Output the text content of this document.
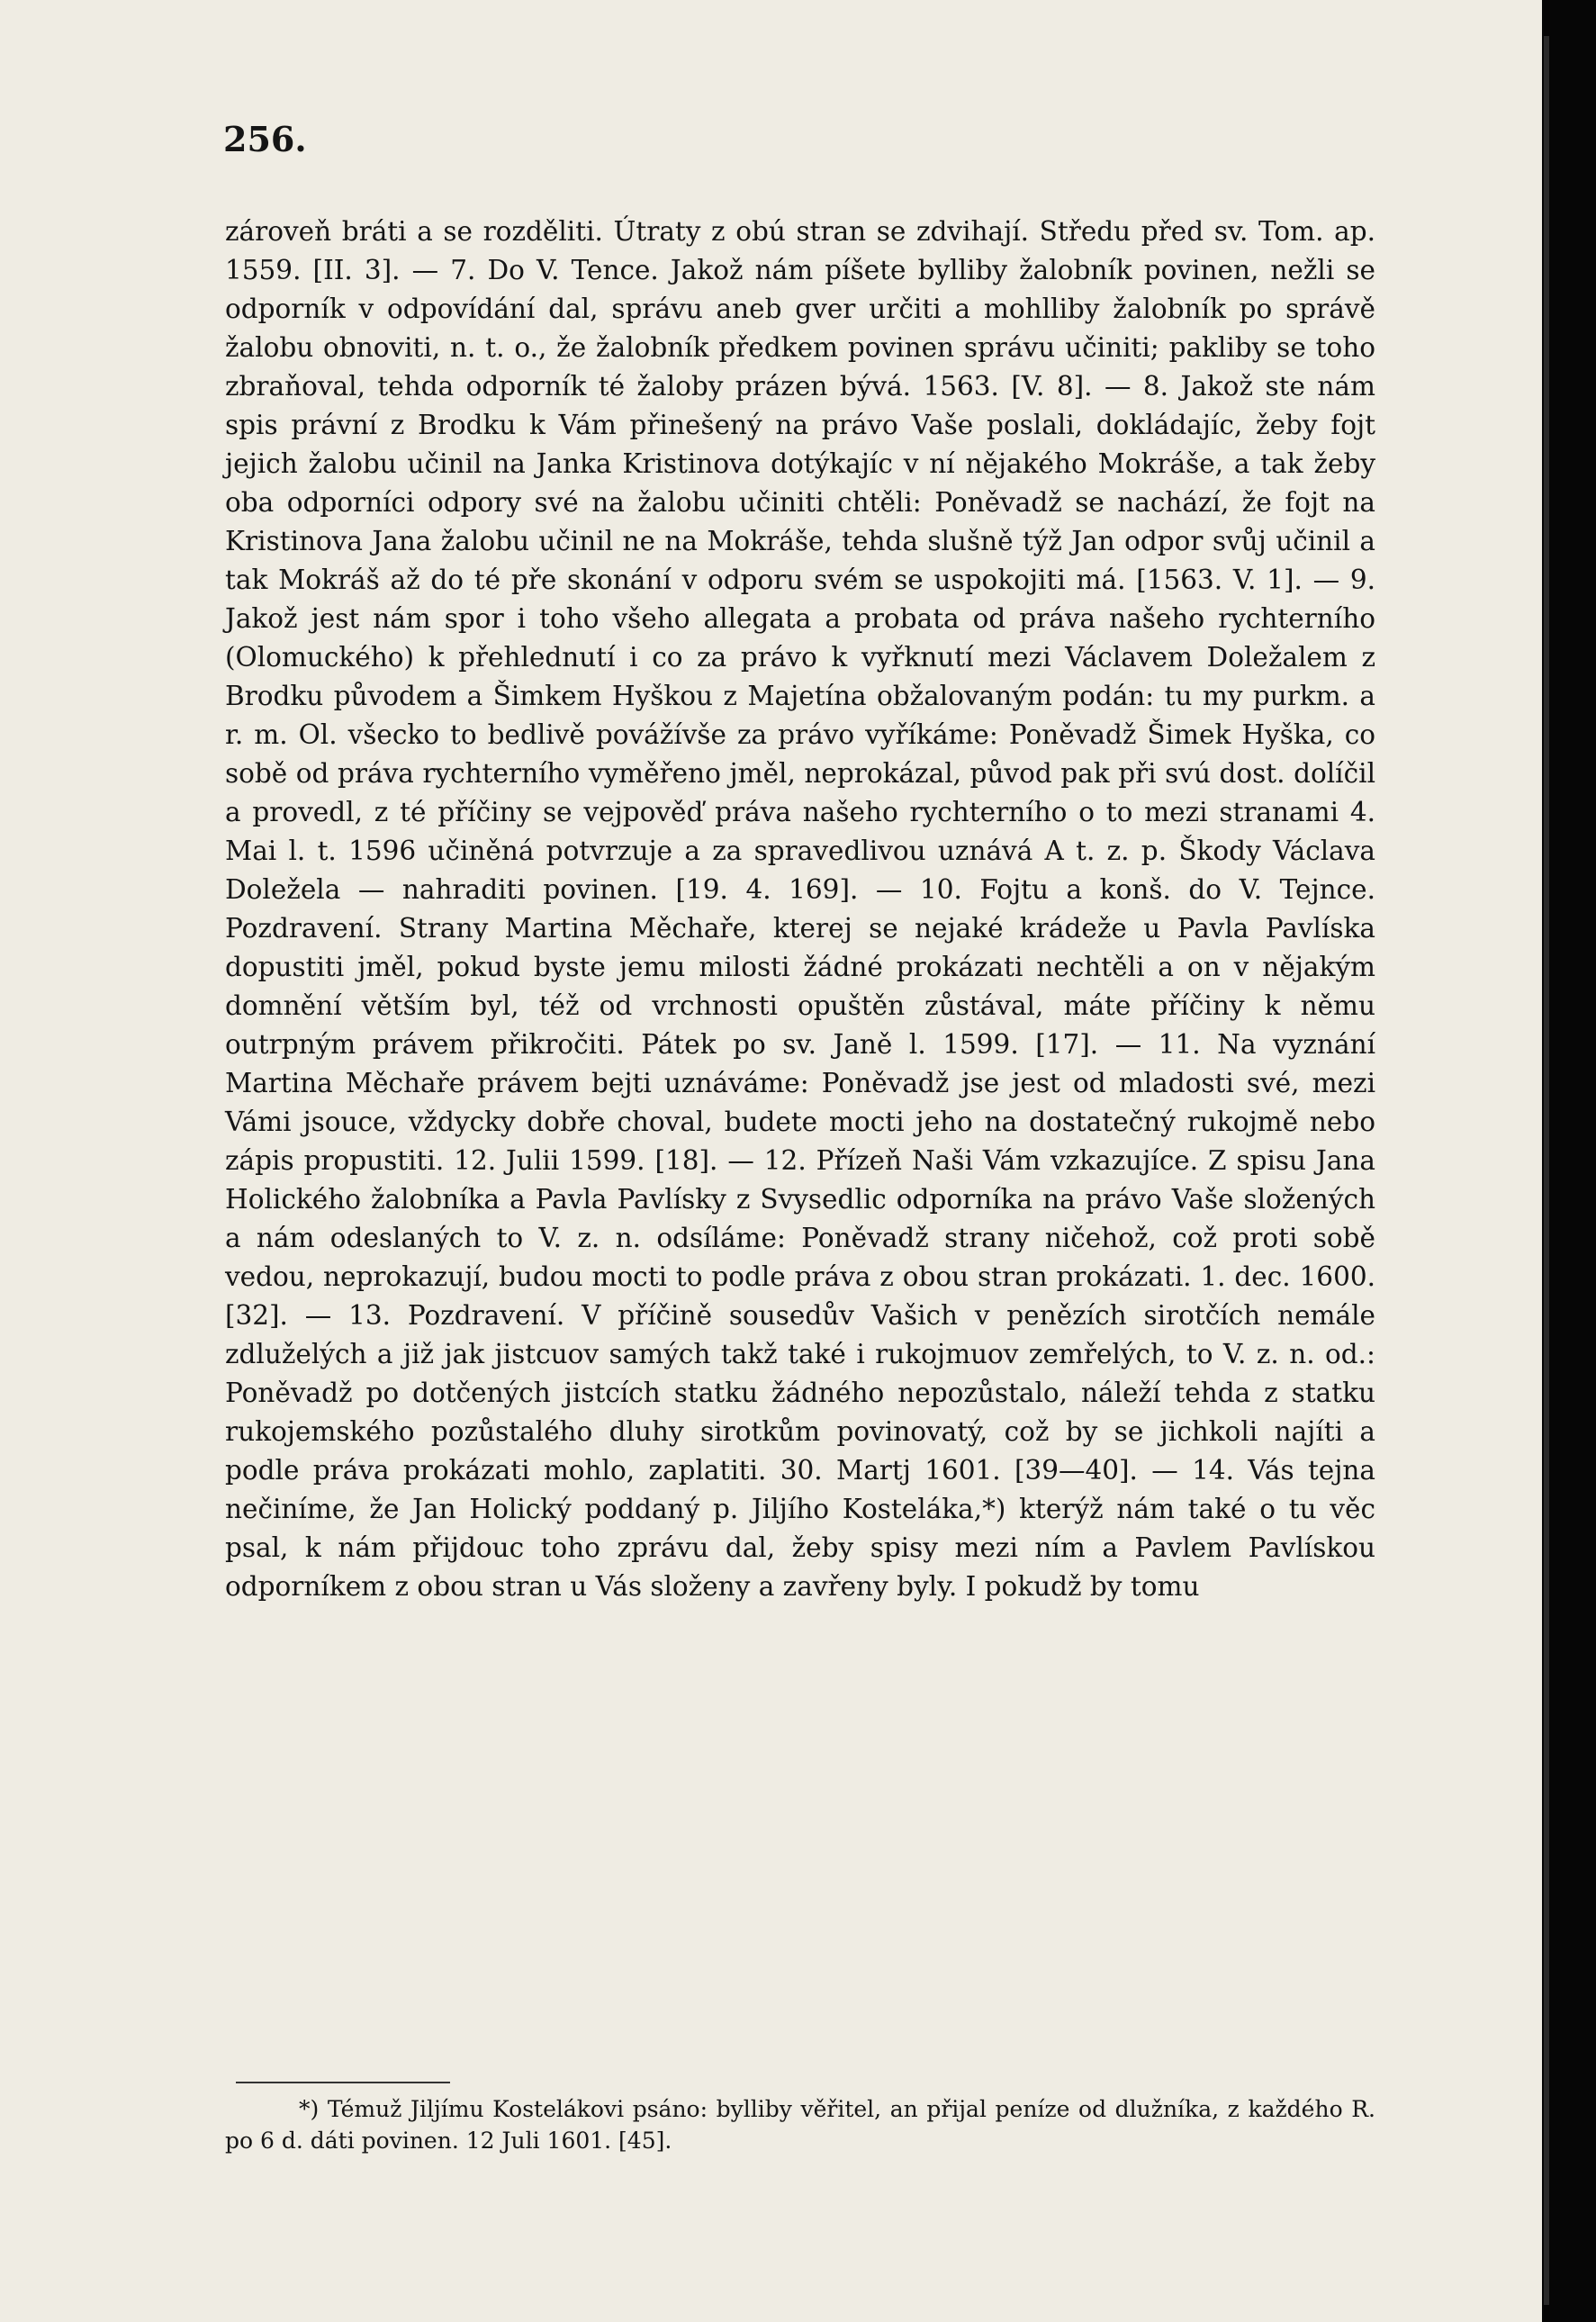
256.
zároveň bráti a se rozděliti. Útraty z obú stran se zdvihají. Středu před sv. Tom. ap. 1559. [II. 3]. — 7. Do V. Tence. Jakož nám píšete bylliby žalobník povinen, nežli se odporník v odpovídání dal, správu aneb gver určiti a mohlliby žalobník po správě žalobu obnoviti, n. t. o., že žalobník předkem povinen správu učiniti; pakliby se toho zbraňoval, tehda odporník té žaloby prázen bývá. 1563. [V. 8]. — 8. Jakož ste nám spis právní z Brodku k Vám přinešený na právo Vaše poslali, dokládajíc, žeby fojt jejich žalobu učinil na Janka Kristinova dotýkajíc v ní nějakého Mokráše, a tak žeby oba odporníci odpory své na žalobu učiniti chtěli: Poněvadž se nachází, že fojt na Kristinova Jana žalobu učinil ne na Mokráše, tehda slušně týž Jan odpor svůj učinil a tak Mokráš až do té pře skonání v odporu svém se uspokojiti má. [1563. V. 1]. — 9. Jakož jest nám spor i toho všeho allegata a probata od práva našeho rychterního (Olomuckého) k přehlednutí i co za právo k vyřknutí mezi Václavem Doležalem z Brodku původem a Šimkem Hyškou z Majetína obžalovaným podán: tu my purkm. a r. m. Ol. všecko to bedlivě povážívše za právo vyříkáme: Poněvadž Šimek Hyška, co sobě od práva rychterního vyměřeno jměl, neprokázal, původ pak při svú dost. dolíčil a provedl, z té příčiny se vejpověď práva našeho rychterního o to mezi stranami 4. Mai l. t. 1596 učiněná potvrzuje a za spravedlivou uznává A t. z. p. Škody Václava Doležela — nahraditi povinen. [19. 4. 169]. — 10. Fojtu a konš. do V. Tejnce. Pozdravení. Strany Martina Měchaře, kterej se nejaké krádeže u Pavla Pavlíska dopustiti jměl, pokud byste jemu milosti žádné prokázati nechtěli a on v nějakým domnění větším byl, též od vrchnosti opuštěn zůstával, máte příčiny k němu outrpným právem přikročiti. Pátek po sv. Janě l. 1599. [17]. — 11. Na vyznání Martina Měchaře právem bejti uznáváme: Poněvadž jse jest od mladosti své, mezi Vámi jsouce, vždycky dobře choval, budete mocti jeho na dostatečný rukojmě nebo zápis propustiti. 12. Julii 1599. [18]. — 12. Přízeň Naši Vám vzkazujíce. Z spisu Jana Holického žalobníka a Pavla Pavlísky z Svysedlic odporníka na právo Vaše složených a nám odeslaných to V. z. n. odsíláme: Poněvadž strany ničehož, což proti sobě vedou, neprokazují, budou mocti to podle práva z obou stran prokázati. 1. dec. 1600. [32]. — 13. Pozdravení. V příčině sousedův Vašich v penězích sirotčích nemále zdluželých a již jak jistcuov samých takž také i rukojmuov zemřelých, to V. z. n. od.: Poněvadž po dotčených jistcích statku žádného nepozůstalo, náleží tehda z statku rukojemského pozůstalého dluhy sirotkům povinovatý, což by se jichkoli najíti a podle práva prokázati mohlo, zaplatiti. 30. Martj 1601. [39—40]. — 14. Vás tejna nečiníme, že Jan Holický poddaný p. Jiljího Kosteláka,*) kterýž nám také o tu věc psal, k nám přijdouc toho zprávu dal, žeby spisy mezi ním a Pavlem Pavlískou odporníkem z obou stran u Vás složeny a zavřeny byly. I pokudž by tomu
*) Témuž Jiljímu Kostelákovi psáno: bylliby věřitel, an přijal peníze od dlužníka, z každého R. po 6 d. dáti povinen. 12 Juli 1601. [45].
